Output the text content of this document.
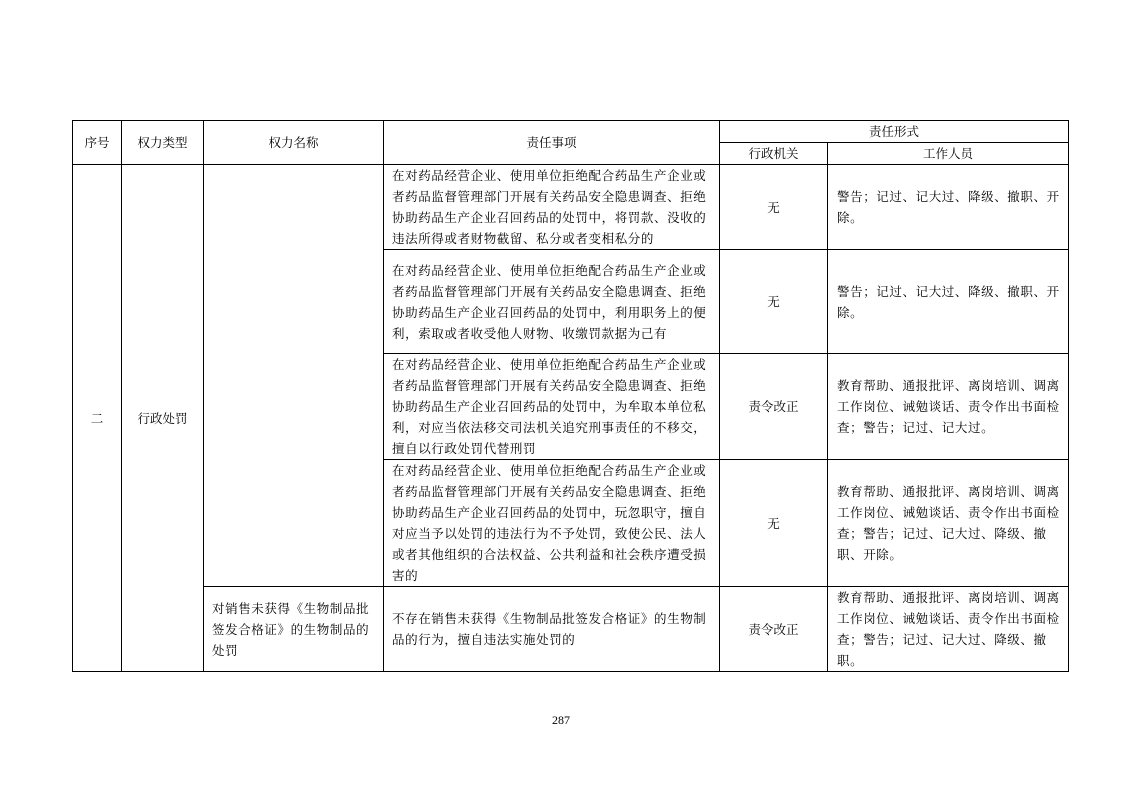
序号	权力类型	权力名称	责任事项	责任形式	
				行政机关	工作人员
二	行政处罚		在对药品经营企业、使用单位拒绝配合药品生产企业或者药品监督管理部门开展有关药品安全隐患调查、拒绝协助药品生产企业召回药品的处罚中，将罚款、没收的违法所得或者财物截留、私分或者变相私分的	无	警告；记过、记大过、降级、撤职、开除。
			在对药品经营企业、使用单位拒绝配合药品生产企业或者药品监督管理部门开展有关药品安全隐患调查、拒绝协助药品生产企业召回药品的处罚中，利用职务上的便利，索取或者收受他人财物、收缴罚款据为己有	无	警告；记过、记大过、降级、撤职、开除。
			在对药品经营企业、使用单位拒绝配合药品生产企业或者药品监督管理部门开展有关药品安全隐患调查、拒绝协助药品生产企业召回药品的处罚中，为牟取本单位私利，对应当依法移交司法机关追究刑事责任的不移交，擅自以行政处罚代替刑罚	责令改正	教育帮助、通报批评、离岗培训、调离工作岗位、诫勉谈话、责令作出书面检查；警告；记过、记大过。
			在对药品经营企业、使用单位拒绝配合药品生产企业或者药品监督管理部门开展有关药品安全隐患调查、拒绝协助药品生产企业召回药品的处罚中，玩忽职守，擅自对应当予以处罚的违法行为不予处罚，致使公民、法人或者其他组织的合法权益、公共利益和社会秩序遭受损害的	无	教育帮助、通报批评、离岗培训、调离工作岗位、诫勉谈话、责令作出书面检查；警告；记过、记大过、降级、撤职、开除。
		对销售未获得《生物制品批签发合格证》的生物制品的处罚	不存在销售未获得《生物制品批签发合格证》的生物制品的行为，擅自违法实施处罚的	责令改正	教育帮助、通报批评、离岗培训、调离工作岗位、诫勉谈话、责令作出书面检查；警告；记过、记大过、降级、撤职。
287
